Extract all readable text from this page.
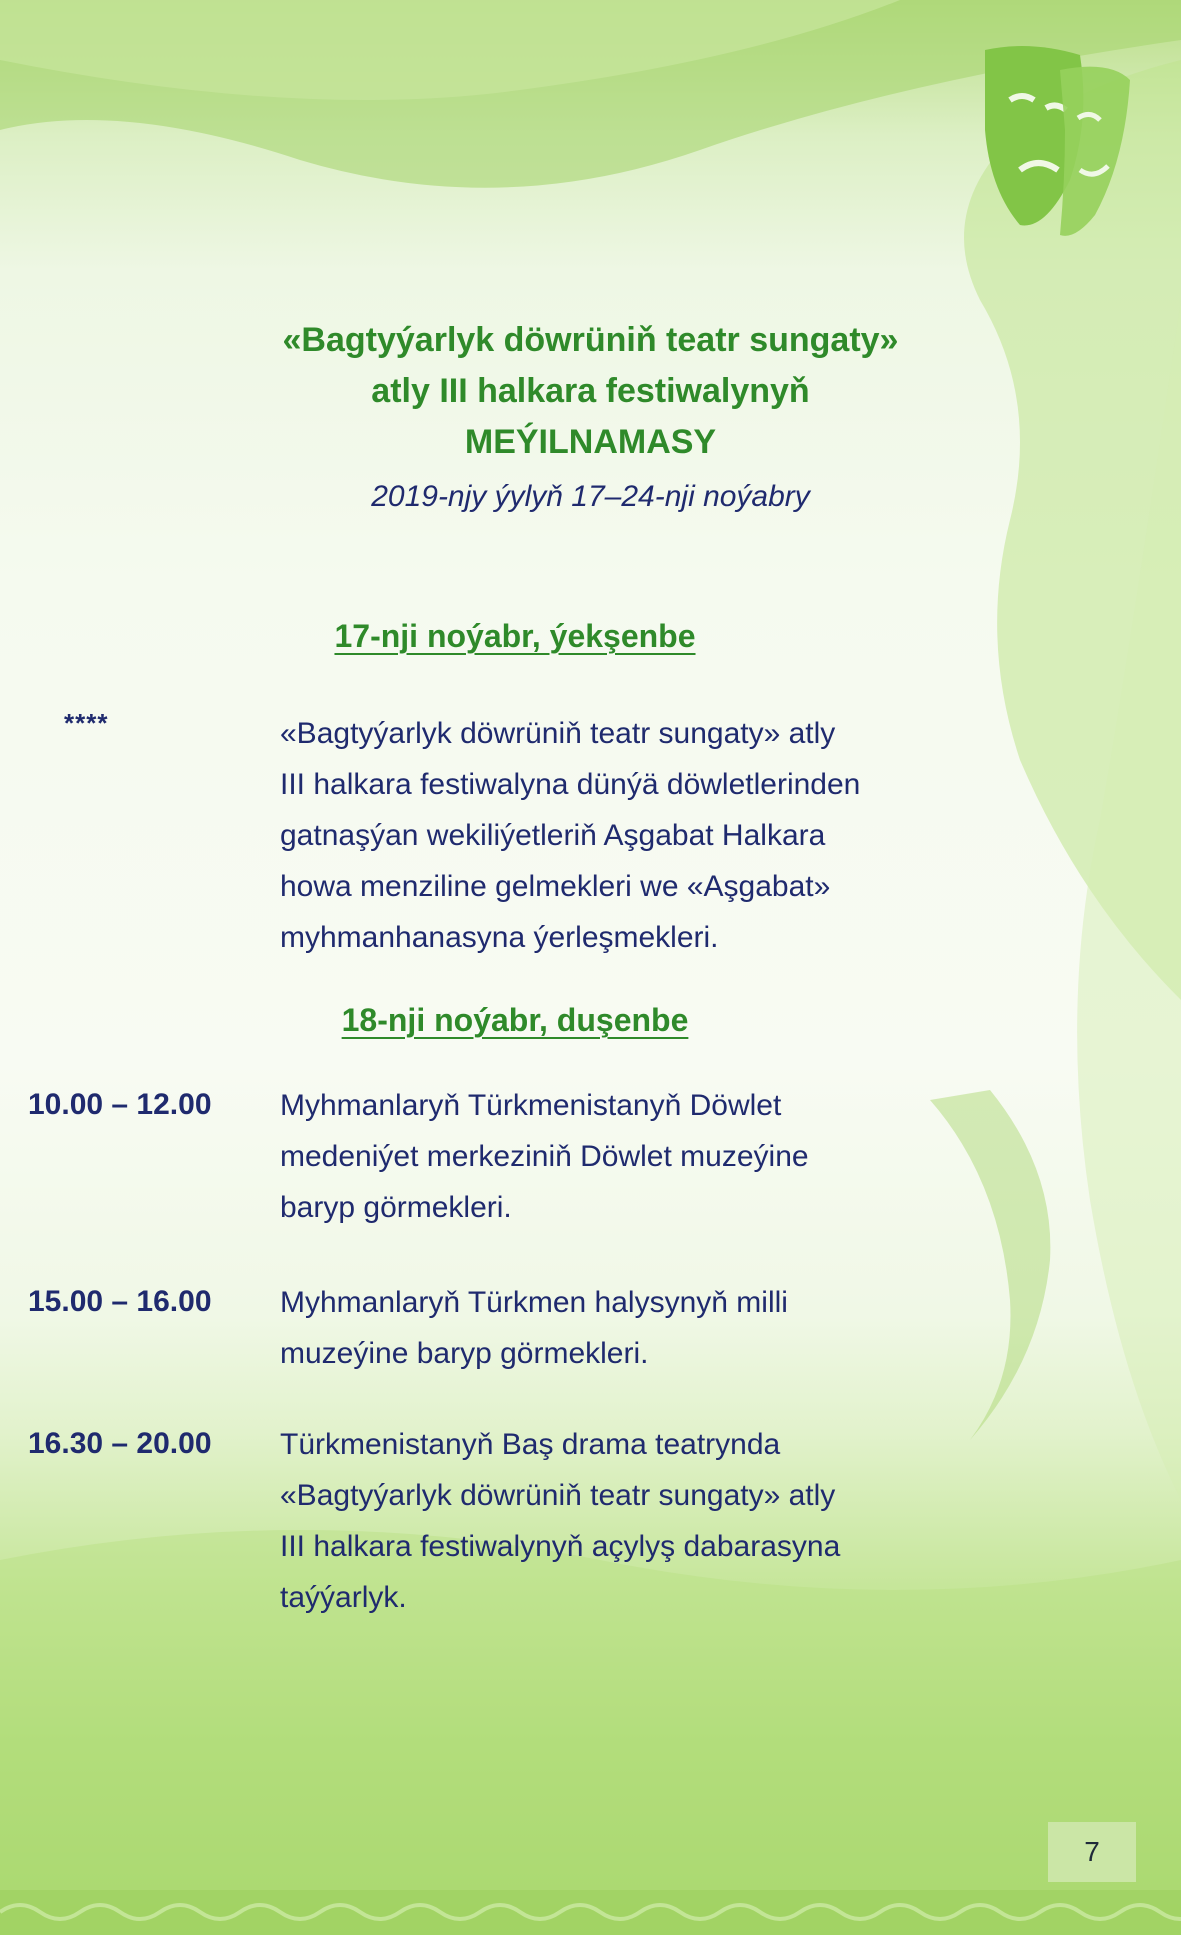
«Bagtyýarlyk döwrüniň teatr sungaty»

atly III halkara festiwalynyň

MEÝILNAMASY

2019-njy ýylyň 17–24-nji noýabry

17-nji noýabr, ýekşenbe
****	«Bagtyýarlyk döwrüniň teatr sungaty» atly
III halkara festiwalyna dünýä döwletlerinden
gatnaşýan wekiliýetleriň Aşgabat Halkara
howa menziline gelmekleri we «Aşgabat»
myhmanhanasyna ýerleşmekleri.
18-nji noýabr, duşenbe
10.00 – 12.00 Myhmanlaryň Türkmenistanyň Döwlet
medeniýet merkeziniň Döwlet muzeýine
baryp görmekleri.
15.00 – 16.00 Myhmanlaryň Türkmen halysynyň milli
muzeýine baryp görmekleri.
16.30 – 20.00 Türkmenistanyň Baş drama teatrynda
«Bagtyýarlyk döwrüniň teatr sungaty» atly
III halkara festiwalynyň açylyş dabarasyna
taýýarlyk.
7
